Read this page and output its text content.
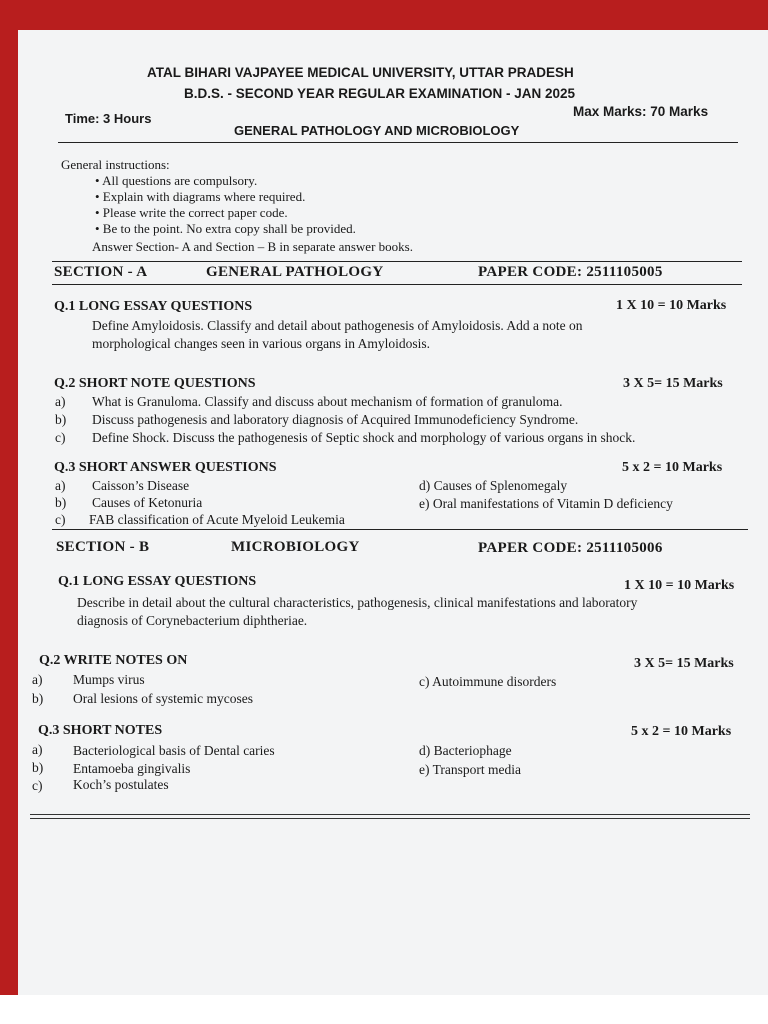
ATAL BIHARI VAJPAYEE MEDICAL UNIVERSITY, UTTAR PRADESH
B.D.S. - SECOND YEAR REGULAR EXAMINATION - JAN 2025
Time: 3 Hours	Max Marks: 70 Marks
GENERAL PATHOLOGY AND MICROBIOLOGY
General instructions:
• All questions are compulsory.
• Explain with diagrams where required.
• Please write the correct paper code.
• Be to the point. No extra copy shall be provided.
Answer Section- A and Section – B in separate answer books.
SECTION - A	GENERAL PATHOLOGY	PAPER CODE: 2511105005
Q.1 LONG ESSAY QUESTIONS	1 X 10 = 10 Marks
Define Amyloidosis. Classify and detail about pathogenesis of Amyloidosis. Add a note on
morphological changes seen in various organs in Amyloidosis.
Q.2 SHORT NOTE QUESTIONS	3 X 5= 15 Marks
a) What is Granuloma. Classify and discuss about mechanism of formation of granuloma.
b) Discuss pathogenesis and laboratory diagnosis of Acquired Immunodeficiency Syndrome.
c) Define Shock. Discuss the pathogenesis of Septic shock and morphology of various organs in shock.
Q.3 SHORT ANSWER QUESTIONS	5 x 2 = 10 Marks
a) Caisson’s Disease
b) Causes of Ketonuria
c) FAB classification of Acute Myeloid Leukemia
d) Causes of Splenomegaly
e) Oral manifestations of Vitamin D deficiency
SECTION - B	MICROBIOLOGY	PAPER CODE: 2511105006
Q.1 LONG ESSAY QUESTIONS	1 X 10 = 10 Marks
Describe in detail about the cultural characteristics, pathogenesis, clinical manifestations and laboratory
diagnosis of Corynebacterium diphtheriae.
Q.2 WRITE NOTES ON	3 X 5= 15 Marks
a) Mumps virus
b) Oral lesions of systemic mycoses
c) Autoimmune disorders
Q.3 SHORT NOTES	5 x 2 = 10 Marks
a) Bacteriological basis of Dental caries
b) Entamoeba gingivalis
c) Koch’s postulates
d) Bacteriophage
e) Transport media
